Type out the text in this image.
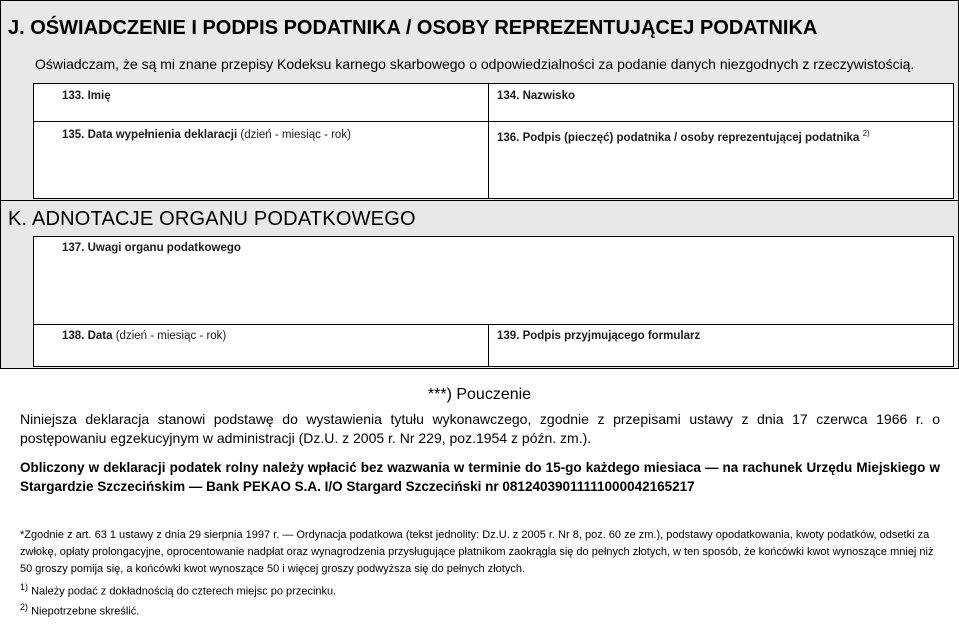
J. OŚWIADCZENIE I PODPIS PODATNIKA / OSOBY REPREZENTUJĄCEJ PODATNIKA
Oświadczam, że są mi znane przepisy Kodeksu karnego skarbowego o odpowiedzialności za podanie danych niezgodnych z rzeczywistością.
133. Imię	134. Nazwisko
135. Data wypełnienia deklaracji (dzień - miesiąc - rok)	136. Podpis (pieczęć) podatnika / osoby reprezentującej podatnika $^{2)}$
K. ADNOTACJE ORGANU PODATKOWEGO
137. Uwagi organu podatkowego
138. Data (dzień - miesiąc - rok)	139. Podpis przyjmującego formularz
***) Pouczenie
Niniejsza deklaracja stanowi podstawę do wystawienia tytułu wykonawczego, zgodnie z przepisami ustawy z dnia 17 czerwca 1966 r. o postępowaniu egzekucyjnym w administracji (Dz.U. z 2005 r. Nr 229, poz.1954 z późn. zm.).
Obliczony w deklaracji podatek rolny należy wpłacić bez wazwania w terminie do 15-go każdego miesiaca — na rachunek Urzędu Miejskiego w Stargardzie Szczecińskim — Bank PEKAO S.A. I/O Stargard Szczeciński nr 08124039011111000042165217
*Zgodnie z art. 63 1 ustawy z dnia 29 sierpnia 1997 r. — Ordynacja podatkowa (tekst jednolity: Dz.U. z 2005 r. Nr 8, poz. 60 ze zm.), podstawy opodatkowania, kwoty podatków, odsetki za zwłokę, opłaty prolongacyjne, oprocentowanie nadpłat oraz wynagrodzenia przysługujące płatnikom zaokrągla się do pełnych złotych, w ten sposób, że końcówki kwot wynoszące mniej niż 50 groszy pomija się, a końcówki kwot wynoszące 50 i więcej groszy podwyższa się do pełnych złotych.
$^{1)}$ Należy podać z dokładnością do czterech miejsc po przecinku.
$^{2)}$ Niepotrzebne skreślić.
